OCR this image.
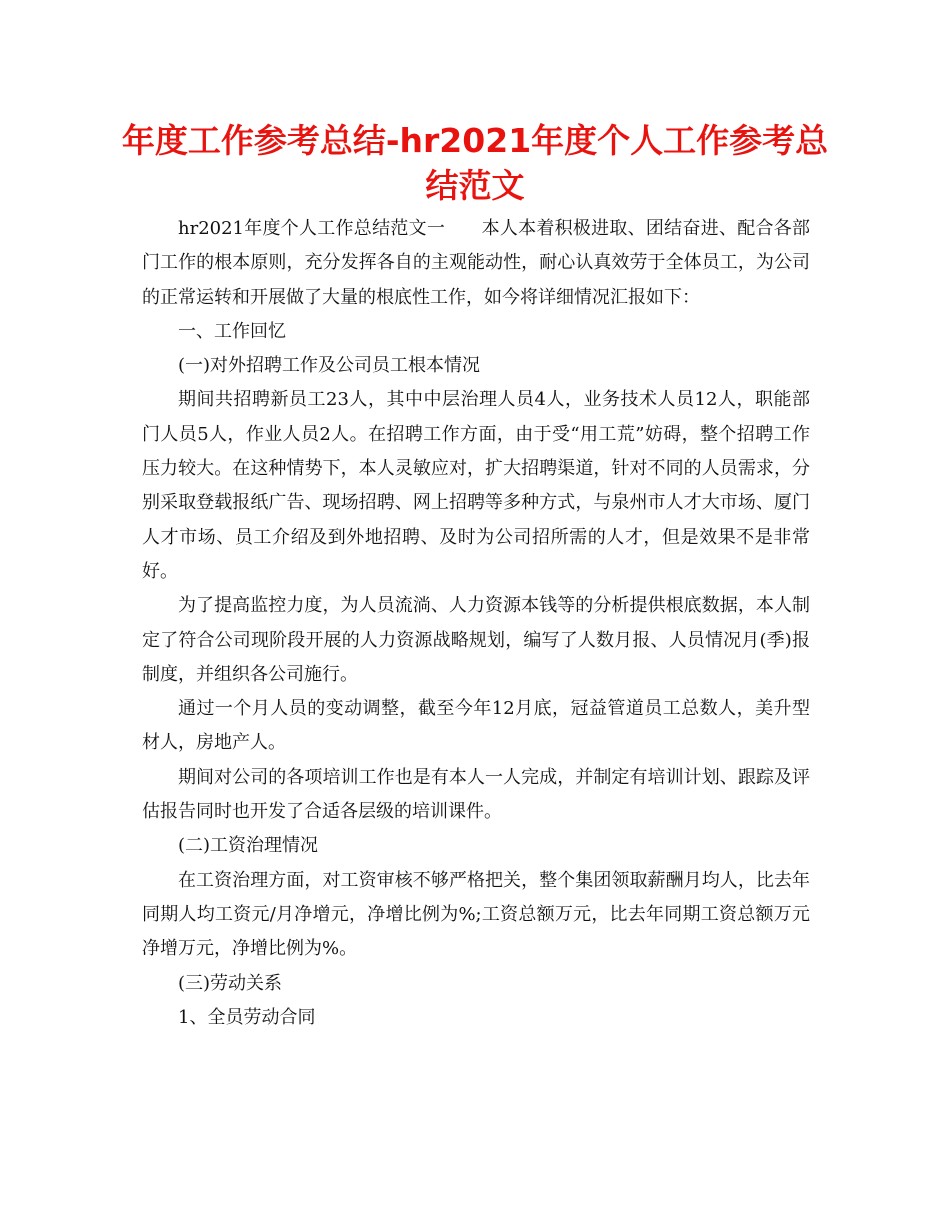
年度工作参考总结-hr2021年度个人工作参考总结范文

hr2021年度个人工作总结范文一　　本人本着积极进取、团结奋进、配合各部门工作的根本原则，充分发挥各自的主观能动性，耐心认真效劳于全体员工，为公司的正常运转和开展做了大量的根底性工作，如今将详细情况汇报如下：

一、工作回忆

(一)对外招聘工作及公司员工根本情况

期间共招聘新员工23人，其中中层治理人员4人，业务技术人员12人，职能部门人员5人，作业人员2人。在招聘工作方面，由于受“用工荒”妨碍，整个招聘工作压力较大。在这种情势下，本人灵敏应对，扩大招聘渠道，针对不同的人员需求，分别采取登载报纸广告、现场招聘、网上招聘等多种方式，与泉州市人才大市场、厦门人才市场、员工介绍及到外地招聘、及时为公司招所需的人才，但是效果不是非常好。

为了提高监控力度，为人员流淌、人力资源本钱等的分析提供根底数据，本人制定了符合公司现阶段开展的人力资源战略规划，编写了人数月报、人员情况月(季)报制度，并组织各公司施行。

通过一个月人员的变动调整，截至今年12月底，冠益管道员工总数人，美升型材人，房地产人。

期间对公司的各项培训工作也是有本人一人完成，并制定有培训计划、跟踪及评估报告同时也开发了合适各层级的培训课件。

(二)工资治理情况

在工资治理方面，对工资审核不够严格把关，整个集团领取薪酬月均人，比去年同期人均工资元/月净增元，净增比例为%;工资总额万元，比去年同期工资总额万元净增万元，净增比例为%。

(三)劳动关系

1、全员劳动合同
